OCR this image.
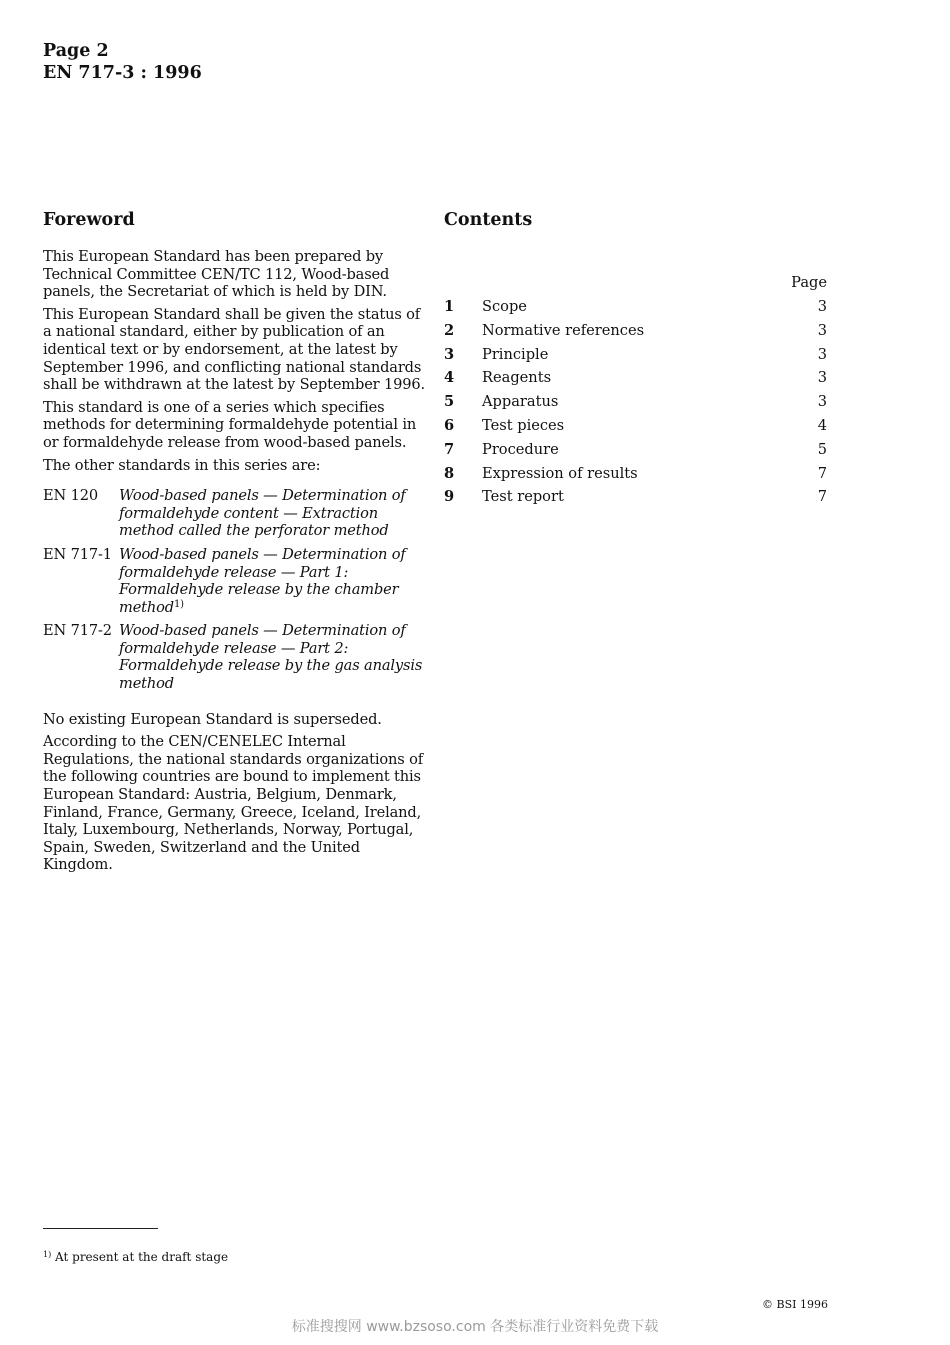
Page 2
EN 717-3 : 1996
Foreword	Contents

This European Standard has been prepared by Technical Committee CEN/TC 112, Wood-based panels, the Secretariat of which is held by DIN.

This European Standard shall be given the status of a national standard, either by publication of an identical text or by endorsement, at the latest by September 1996, and conflicting national standards shall be withdrawn at the latest by September 1996.

This standard is one of a series which specifies methods for determining formaldehyde potential in or formaldehyde release from wood-based panels.

The other standards in this series are:

EN 120	Wood-based panels — Determination of formaldehyde content — Extraction method called the perforator method
EN 717-1 Wood-based panels — Determination of formaldehyde release — Part 1: Formaldehyde release by the chamber method$^{1)}$
EN 717-2 Wood-based panels — Determination of formaldehyde release — Part 2: Formaldehyde release by the gas analysis method

No existing European Standard is superseded.

According to the CEN/CENELEC Internal Regulations, the national standards organizations of the following countries are bound to implement this European Standard: Austria, Belgium, Denmark, Finland, France, Germany, Greece, Iceland, Ireland, Italy, Luxembourg, Netherlands, Norway, Portugal, Spain, Sweden, Switzerland and the United Kingdom.

Page
1	Scope	3
2	Normative references	3
3	Principle	3
4	Reagents	3
5	Apparatus	3
6	Test pieces	4
7	Procedure	5
8	Expression of results	7
9	Test report	7
$^{1)}$ At present at the draft stage
© BSI 1996
标准搜搜网 www.bzsoso.com 各类标准行业资料免费下载
